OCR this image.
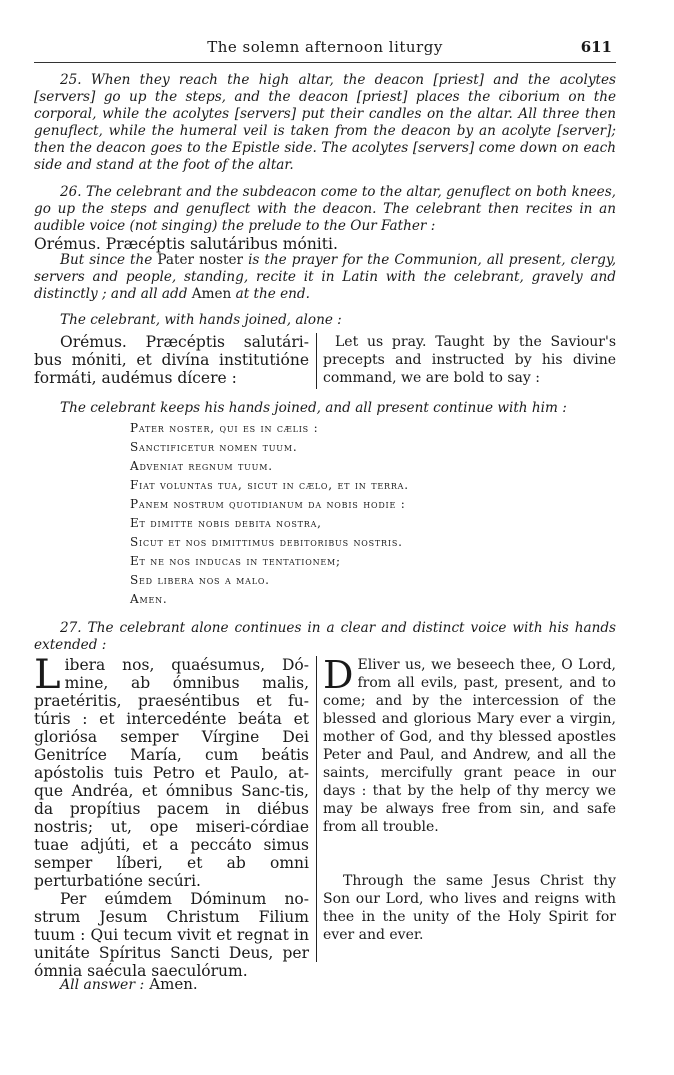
The solemn afternoon liturgy	611

25. When they reach the high altar, the deacon [priest] and the acolytes [servers] go up the steps, and the deacon [priest] places the ciborium on the corporal, while the acolytes [servers] put their candles on the altar. All three then genuflect, while the humeral veil is taken from the deacon by an acolyte [server]; then the deacon goes to the Epistle side. The acolytes [servers] come down on each side and stand at the foot of the altar.

26. The celebrant and the subdeacon come to the altar, genuflect on both knees, go up the steps and genuflect with the deacon. The celebrant then recites in an audible voice (not singing) the prelude to the Our Father :

Orémus. Præcéptis salutáribus móniti.

But since the Pater noster is the prayer for the Communion, all present, clergy, servers and people, standing, recite it in Latin with the celebrant, gravely and distinctly ; and all add Amen at the end.

The celebrant, with hands joined, alone :

Orémus. Præcéptis salutári-bus móniti, et divína institutióne formáti, audémus dícere :
Let us pray. Taught by the Saviour's precepts and instructed by his divine command, we are bold to say :

The celebrant keeps his hands joined, and all present continue with him :

Pater noster, qui es in cælis :
Sanctificetur nomen tuum.
Adveniat regnum tuum.
Fiat voluntas tua, sicut in cælo, et in terra.
Panem nostrum quotidianum da nobis hodie :
Et dimitte nobis debita nostra,
Sicut et nos dimittimus debitoribus nostris.
Et ne nos inducas in tentationem;
Sed libera nos a malo.
Amen.

27. The celebrant alone continues in a clear and distinct voice with his hands extended :

Libera nos, quaésumus, Dó-mine, ab ómnibus malis, praetéritis, praeséntibus et fu-túris : et intercedénte beáta et gloriósa semper Vírgine Dei Genitríce María, cum beátis apóstolis tuis Petro et Paulo, at-que Andréa, et ómnibus Sanc-tis, da propítius pacem in diébus nostris; ut, ope miseri-córdiae tuae adjúti, et a peccáto simus semper líberi, et ab omni perturbatióne secúri.

Per eúmdem Dóminum no-strum Jesum Christum Filium tuum : Qui tecum vivit et regnat in unitáte Spíritus Sancti Deus, per ómnia saécula saeculórum.

D Eliver us, we beseech thee, O Lord, from all evils, past, present, and to come; and by the intercession of the blessed and glorious Mary ever a virgin, mother of God, and thy blessed apostles Peter and Paul, and Andrew, and all the saints, mercifully grant peace in our days : that by the help of thy mercy we may be always free from sin, and safe from all trouble.

Through the same Jesus Christ thy Son our Lord, who lives and reigns with thee in the unity of the Holy Spirit for ever and ever.

All answer : Amen.
